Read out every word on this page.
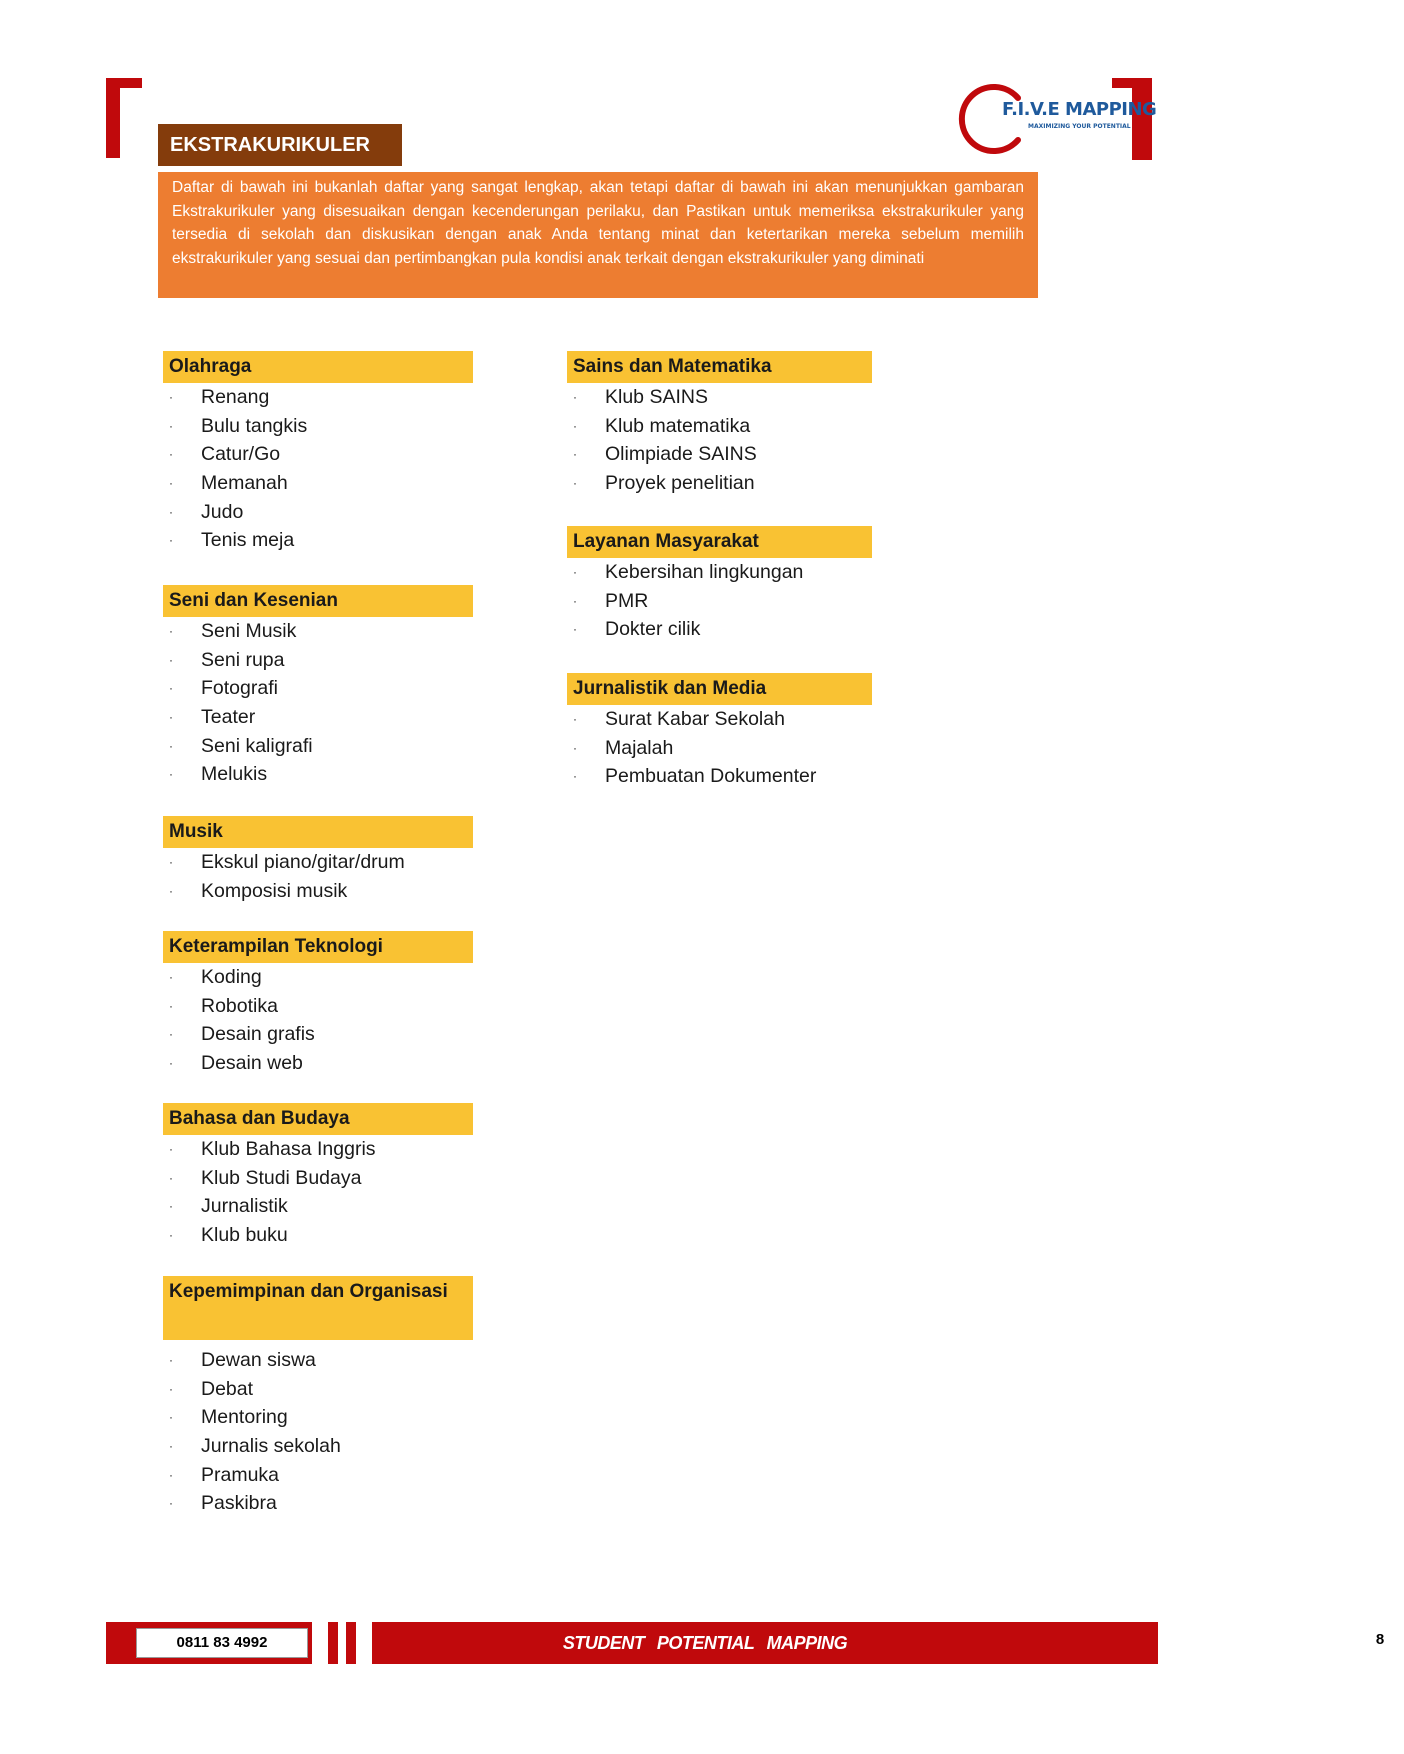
F.I.V.E MAPPING
MAXIMIZING YOUR POTENTIAL
EKSTRAKURIKULER
Daftar di bawah ini bukanlah daftar yang sangat lengkap, akan tetapi daftar di bawah ini akan menunjukkan gambaran Ekstrakurikuler yang disesuaikan dengan kecenderungan perilaku, dan Pastikan untuk memeriksa ekstrakurikuler yang tersedia di sekolah dan diskusikan dengan anak Anda tentang minat dan ketertarikan mereka sebelum memilih ekstrakurikuler yang sesuai dan pertimbangkan pula kondisi anak terkait dengan ekstrakurikuler yang diminati
Olahraga
· Renang
· Bulu tangkis
· Catur/Go
· Memanah
· Judo
· Tenis meja
Seni dan Kesenian
· Seni Musik
· Seni rupa
· Fotografi
· Teater
· Seni kaligrafi
· Melukis
Musik
· Ekskul piano/gitar/drum
· Komposisi musik
Keterampilan Teknologi
· Koding
· Robotika
· Desain grafis
· Desain web
Bahasa dan Budaya
· Klub Bahasa Inggris
· Klub Studi Budaya
· Jurnalistik
· Klub buku
Kepemimpinan dan Organisasi
· Dewan siswa
· Debat
· Mentoring
· Jurnalis sekolah
· Pramuka
· Paskibra
Sains dan Matematika
· Klub SAINS
· Klub matematika
· Olimpiade SAINS
· Proyek penelitian
Layanan Masyarakat
· Kebersihan lingkungan
· PMR
· Dokter cilik
Jurnalistik dan Media
· Surat Kabar Sekolah
· Majalah
· Pembuatan Dokumenter
0811 83 4992	STUDENT POTENTIAL MAPPING	8
